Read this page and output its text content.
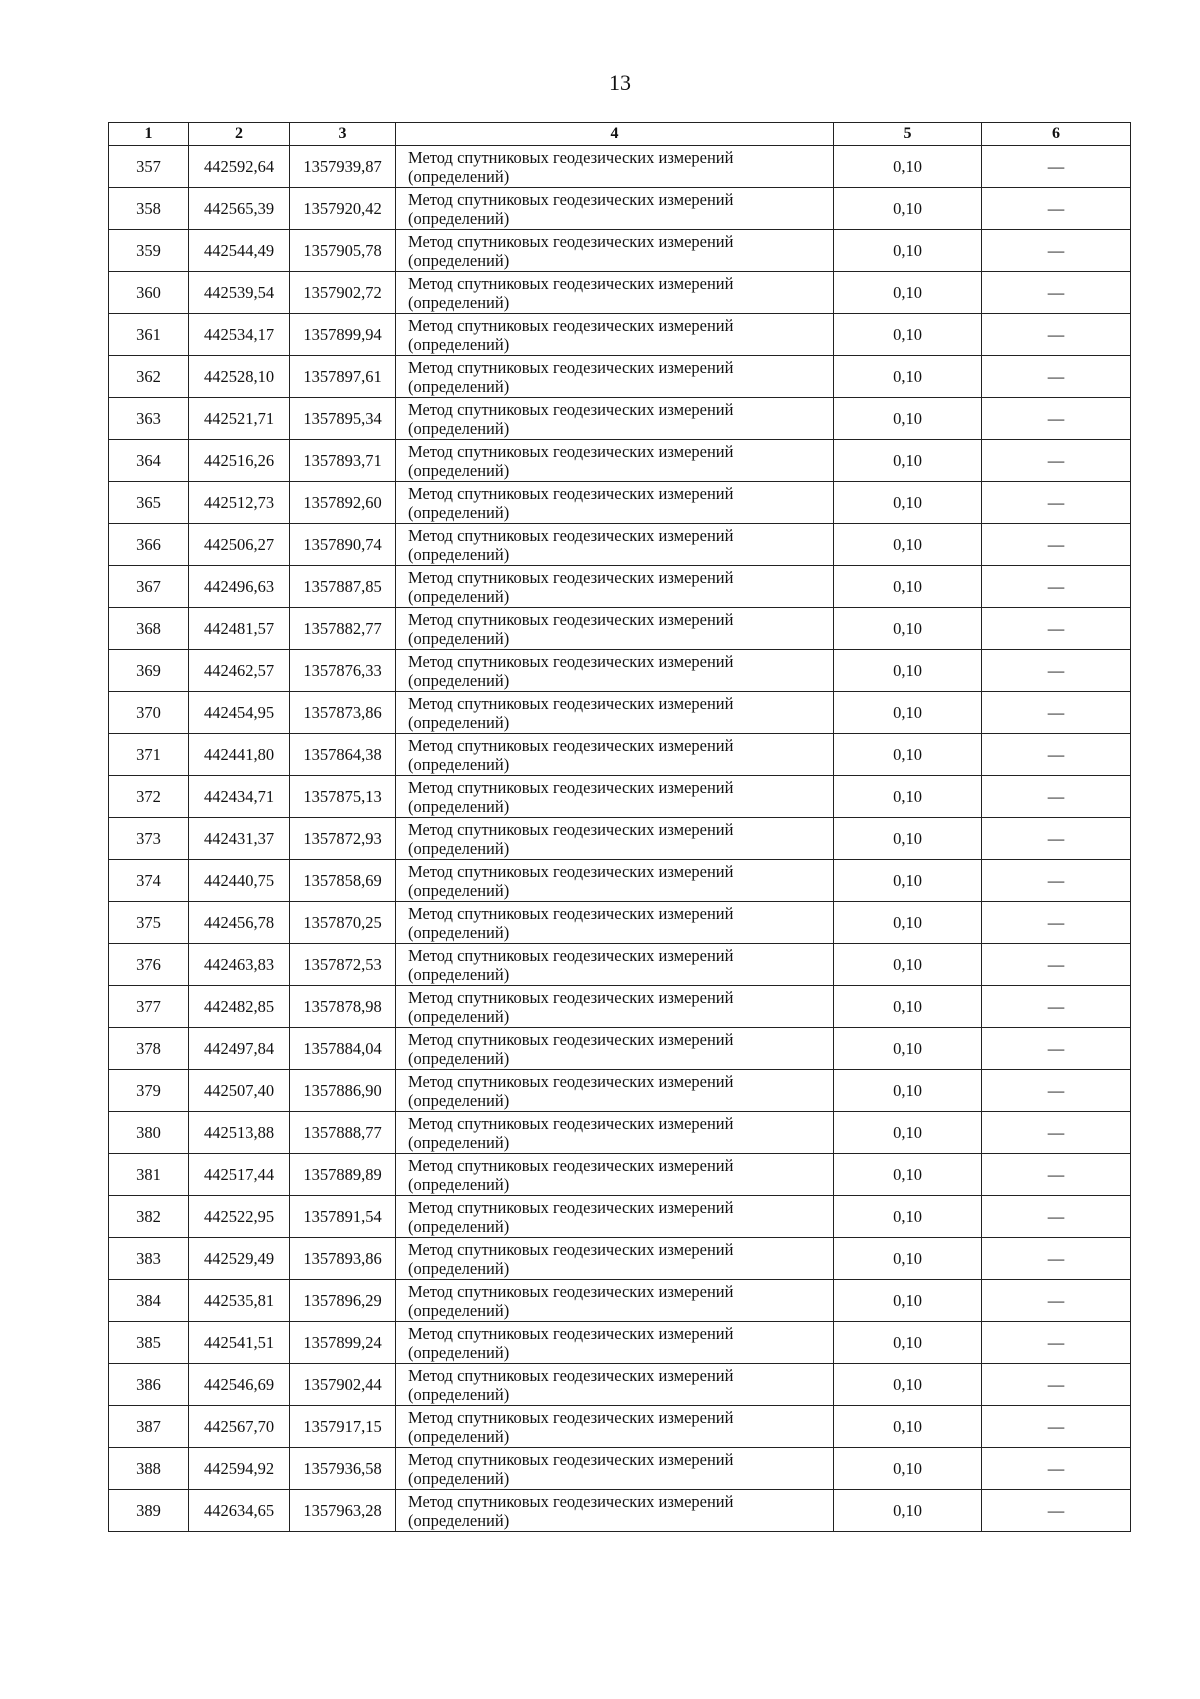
13
1	2	3	4	5	6
357	442592,64	1357939,87	Метод спутниковых геодезических измерений (определений)	0,10	—
358	442565,39	1357920,42	Метод спутниковых геодезических измерений (определений)	0,10	—
359	442544,49	1357905,78	Метод спутниковых геодезических измерений (определений)	0,10	—
360	442539,54	1357902,72	Метод спутниковых геодезических измерений (определений)	0,10	—
361	442534,17	1357899,94	Метод спутниковых геодезических измерений (определений)	0,10	—
362	442528,10	1357897,61	Метод спутниковых геодезических измерений (определений)	0,10	—
363	442521,71	1357895,34	Метод спутниковых геодезических измерений (определений)	0,10	—
364	442516,26	1357893,71	Метод спутниковых геодезических измерений (определений)	0,10	—
365	442512,73	1357892,60	Метод спутниковых геодезических измерений (определений)	0,10	—
366	442506,27	1357890,74	Метод спутниковых геодезических измерений (определений)	0,10	—
367	442496,63	1357887,85	Метод спутниковых геодезических измерений (определений)	0,10	—
368	442481,57	1357882,77	Метод спутниковых геодезических измерений (определений)	0,10	—
369	442462,57	1357876,33	Метод спутниковых геодезических измерений (определений)	0,10	—
370	442454,95	1357873,86	Метод спутниковых геодезических измерений (определений)	0,10	—
371	442441,80	1357864,38	Метод спутниковых геодезических измерений (определений)	0,10	—
372	442434,71	1357875,13	Метод спутниковых геодезических измерений (определений)	0,10	—
373	442431,37	1357872,93	Метод спутниковых геодезических измерений (определений)	0,10	—
374	442440,75	1357858,69	Метод спутниковых геодезических измерений (определений)	0,10	—
375	442456,78	1357870,25	Метод спутниковых геодезических измерений (определений)	0,10	—
376	442463,83	1357872,53	Метод спутниковых геодезических измерений (определений)	0,10	—
377	442482,85	1357878,98	Метод спутниковых геодезических измерений (определений)	0,10	—
378	442497,84	1357884,04	Метод спутниковых геодезических измерений (определений)	0,10	—
379	442507,40	1357886,90	Метод спутниковых геодезических измерений (определений)	0,10	—
380	442513,88	1357888,77	Метод спутниковых геодезических измерений (определений)	0,10	—
381	442517,44	1357889,89	Метод спутниковых геодезических измерений (определений)	0,10	—
382	442522,95	1357891,54	Метод спутниковых геодезических измерений (определений)	0,10	—
383	442529,49	1357893,86	Метод спутниковых геодезических измерений (определений)	0,10	—
384	442535,81	1357896,29	Метод спутниковых геодезических измерений (определений)	0,10	—
385	442541,51	1357899,24	Метод спутниковых геодезических измерений (определений)	0,10	—
386	442546,69	1357902,44	Метод спутниковых геодезических измерений (определений)	0,10	—
387	442567,70	1357917,15	Метод спутниковых геодезических измерений (определений)	0,10	—
388	442594,92	1357936,58	Метод спутниковых геодезических измерений (определений)	0,10	—
389	442634,65	1357963,28	Метод спутниковых геодезических измерений (определений)	0,10	—
